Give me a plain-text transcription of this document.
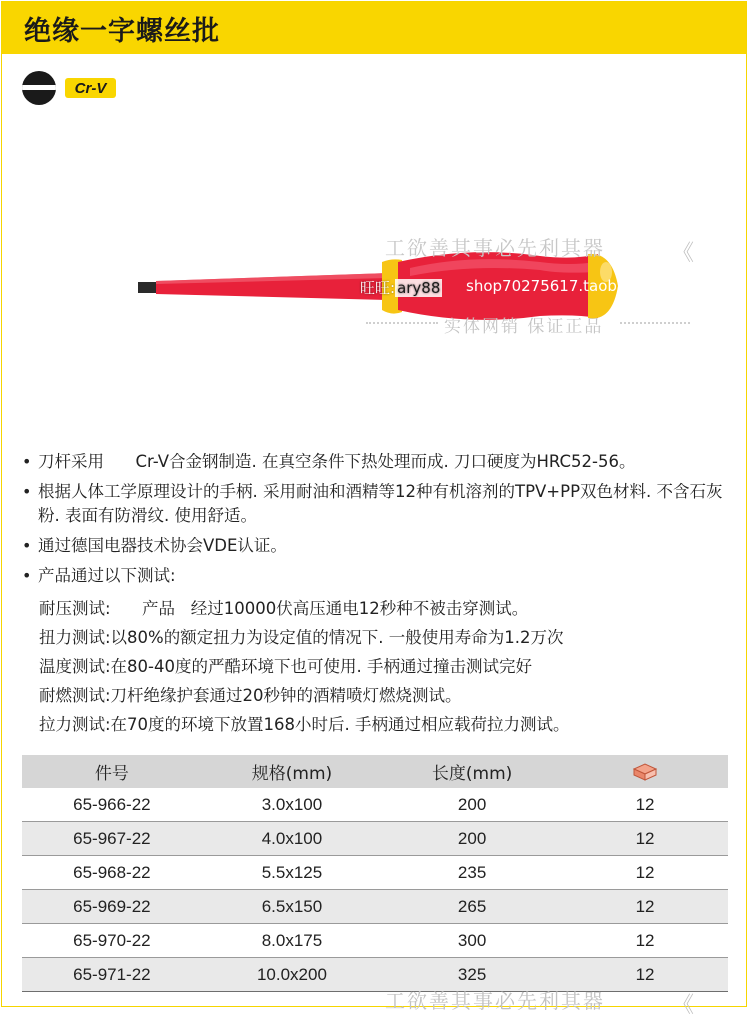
绝缘一字螺丝批
Cr-V
工欲善其事必先利其器	《
旺旺: ary88 shop70275617.taobao.com
实体网销 保证正品
• 刀杆采用      Cr-V合金钢制造. 在真空条件下热处理而成. 刀口硬度为HRC52-56。
• 根据人体工学原理设计的手柄. 采用耐油和酒精等12种有机溶剂的TPV+PP双色材料. 不含石灰粉. 表面有防滑纹. 使用舒适。
• 通过德国电器技术协会VDE认证。
• 产品通过以下测试:
耐压测试:      产品   经过10000伏高压通电12秒种不被击穿测试。
扭力测试:以80%的额定扭力为设定值的情况下. 一般使用寿命为1.2万次
温度测试:在80-40度的严酷环境下也可使用. 手柄通过撞击测试完好
耐燃测试:刀杆绝缘护套通过20秒钟的酒精喷灯燃烧测试。
拉力测试:在70度的环境下放置168小时后. 手柄通过相应载荷拉力测试。
件号	规格(mm)	长度(mm)	
65-966-22	3.0x100	200	12
65-967-22	4.0x100	200	12
65-968-22	5.5x125	235	12
65-969-22	6.5x150	265	12
65-970-22	8.0x175	300	12
65-971-22	10.0x200	325	12
工欲善其事必先利其器	《
